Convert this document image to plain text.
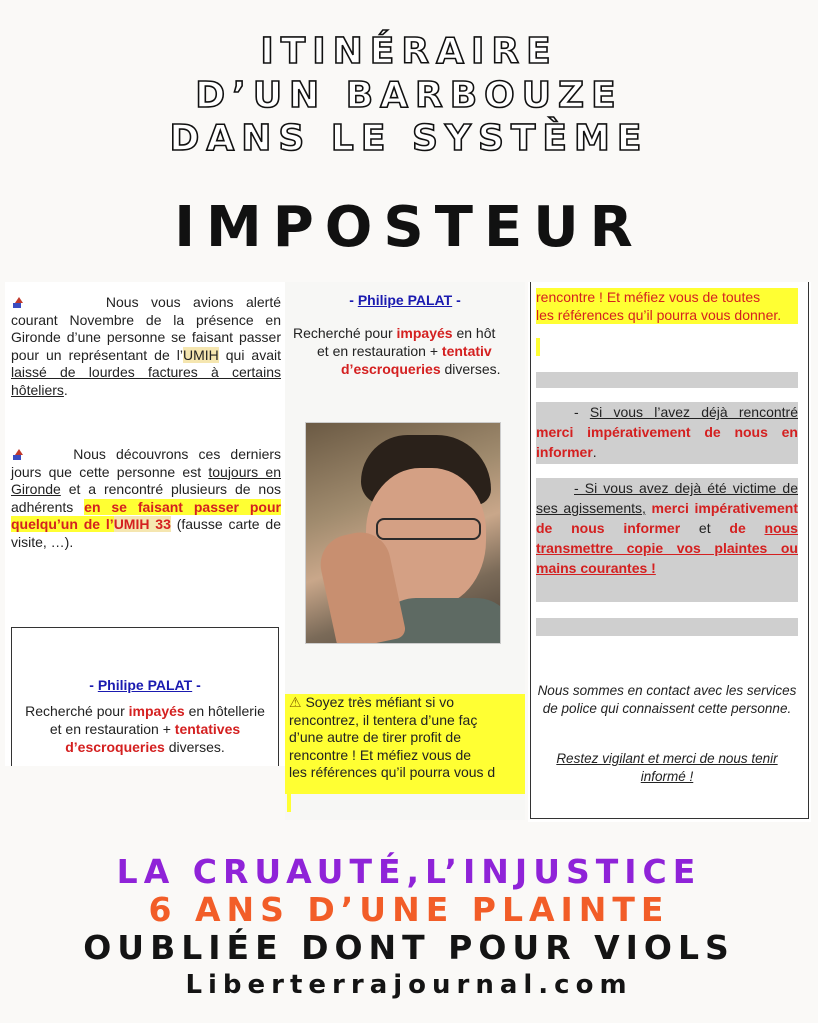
ITINÉRAIRE
D’UN BARBOUZE
DANS LE SYSTÈME
IMPOSTEUR
Nous vous avions alerté courant Novembre de la présence en Gironde d’une personne se faisant passer pour un représentant de l’UMIH qui avait laissé de lourdes factures à certains hôteliers.
Nous découvrons ces derniers jours que cette personne est toujours en Gironde et a rencontré plusieurs de nos adhérents en se faisant passer pour quelqu’un de l’UMIH 33 (fausse carte de visite, …).
- Philipe PALAT -
Recherché pour impayés en hôtellerie et en restauration + tentatives d’escroqueries diverses.
- Philipe PALAT -
Recherché pour impayés en hôt
et en restauration + tentativ
d’escroqueries diverses.
⚠ Soyez très méfiant si vo
rencontrez, il tentera d’une faç
d’une autre de tirer profit de
rencontre ! Et méfiez vous de
les références qu’il pourra vous d
rencontre ! Et méfiez vous de toutes
les références qu’il pourra vous donner.
- Si vous l’avez déjà rencontré merci impérativement de nous en informer.
- Si vous avez dejà été victime de ses agissements, merci impérativement de nous informer et de nous transmettre copie vos plaintes ou mains courantes !
Nous sommes en contact avec les services de police qui connaissent cette personne.
Restez vigilant et merci de nous tenir informé !
LA CRUAUTÉ,L’INJUSTICE
6 ANS D’UNE PLAINTE
OUBLIÉE DONT POUR VIOLS
Liberterrajournal.com
